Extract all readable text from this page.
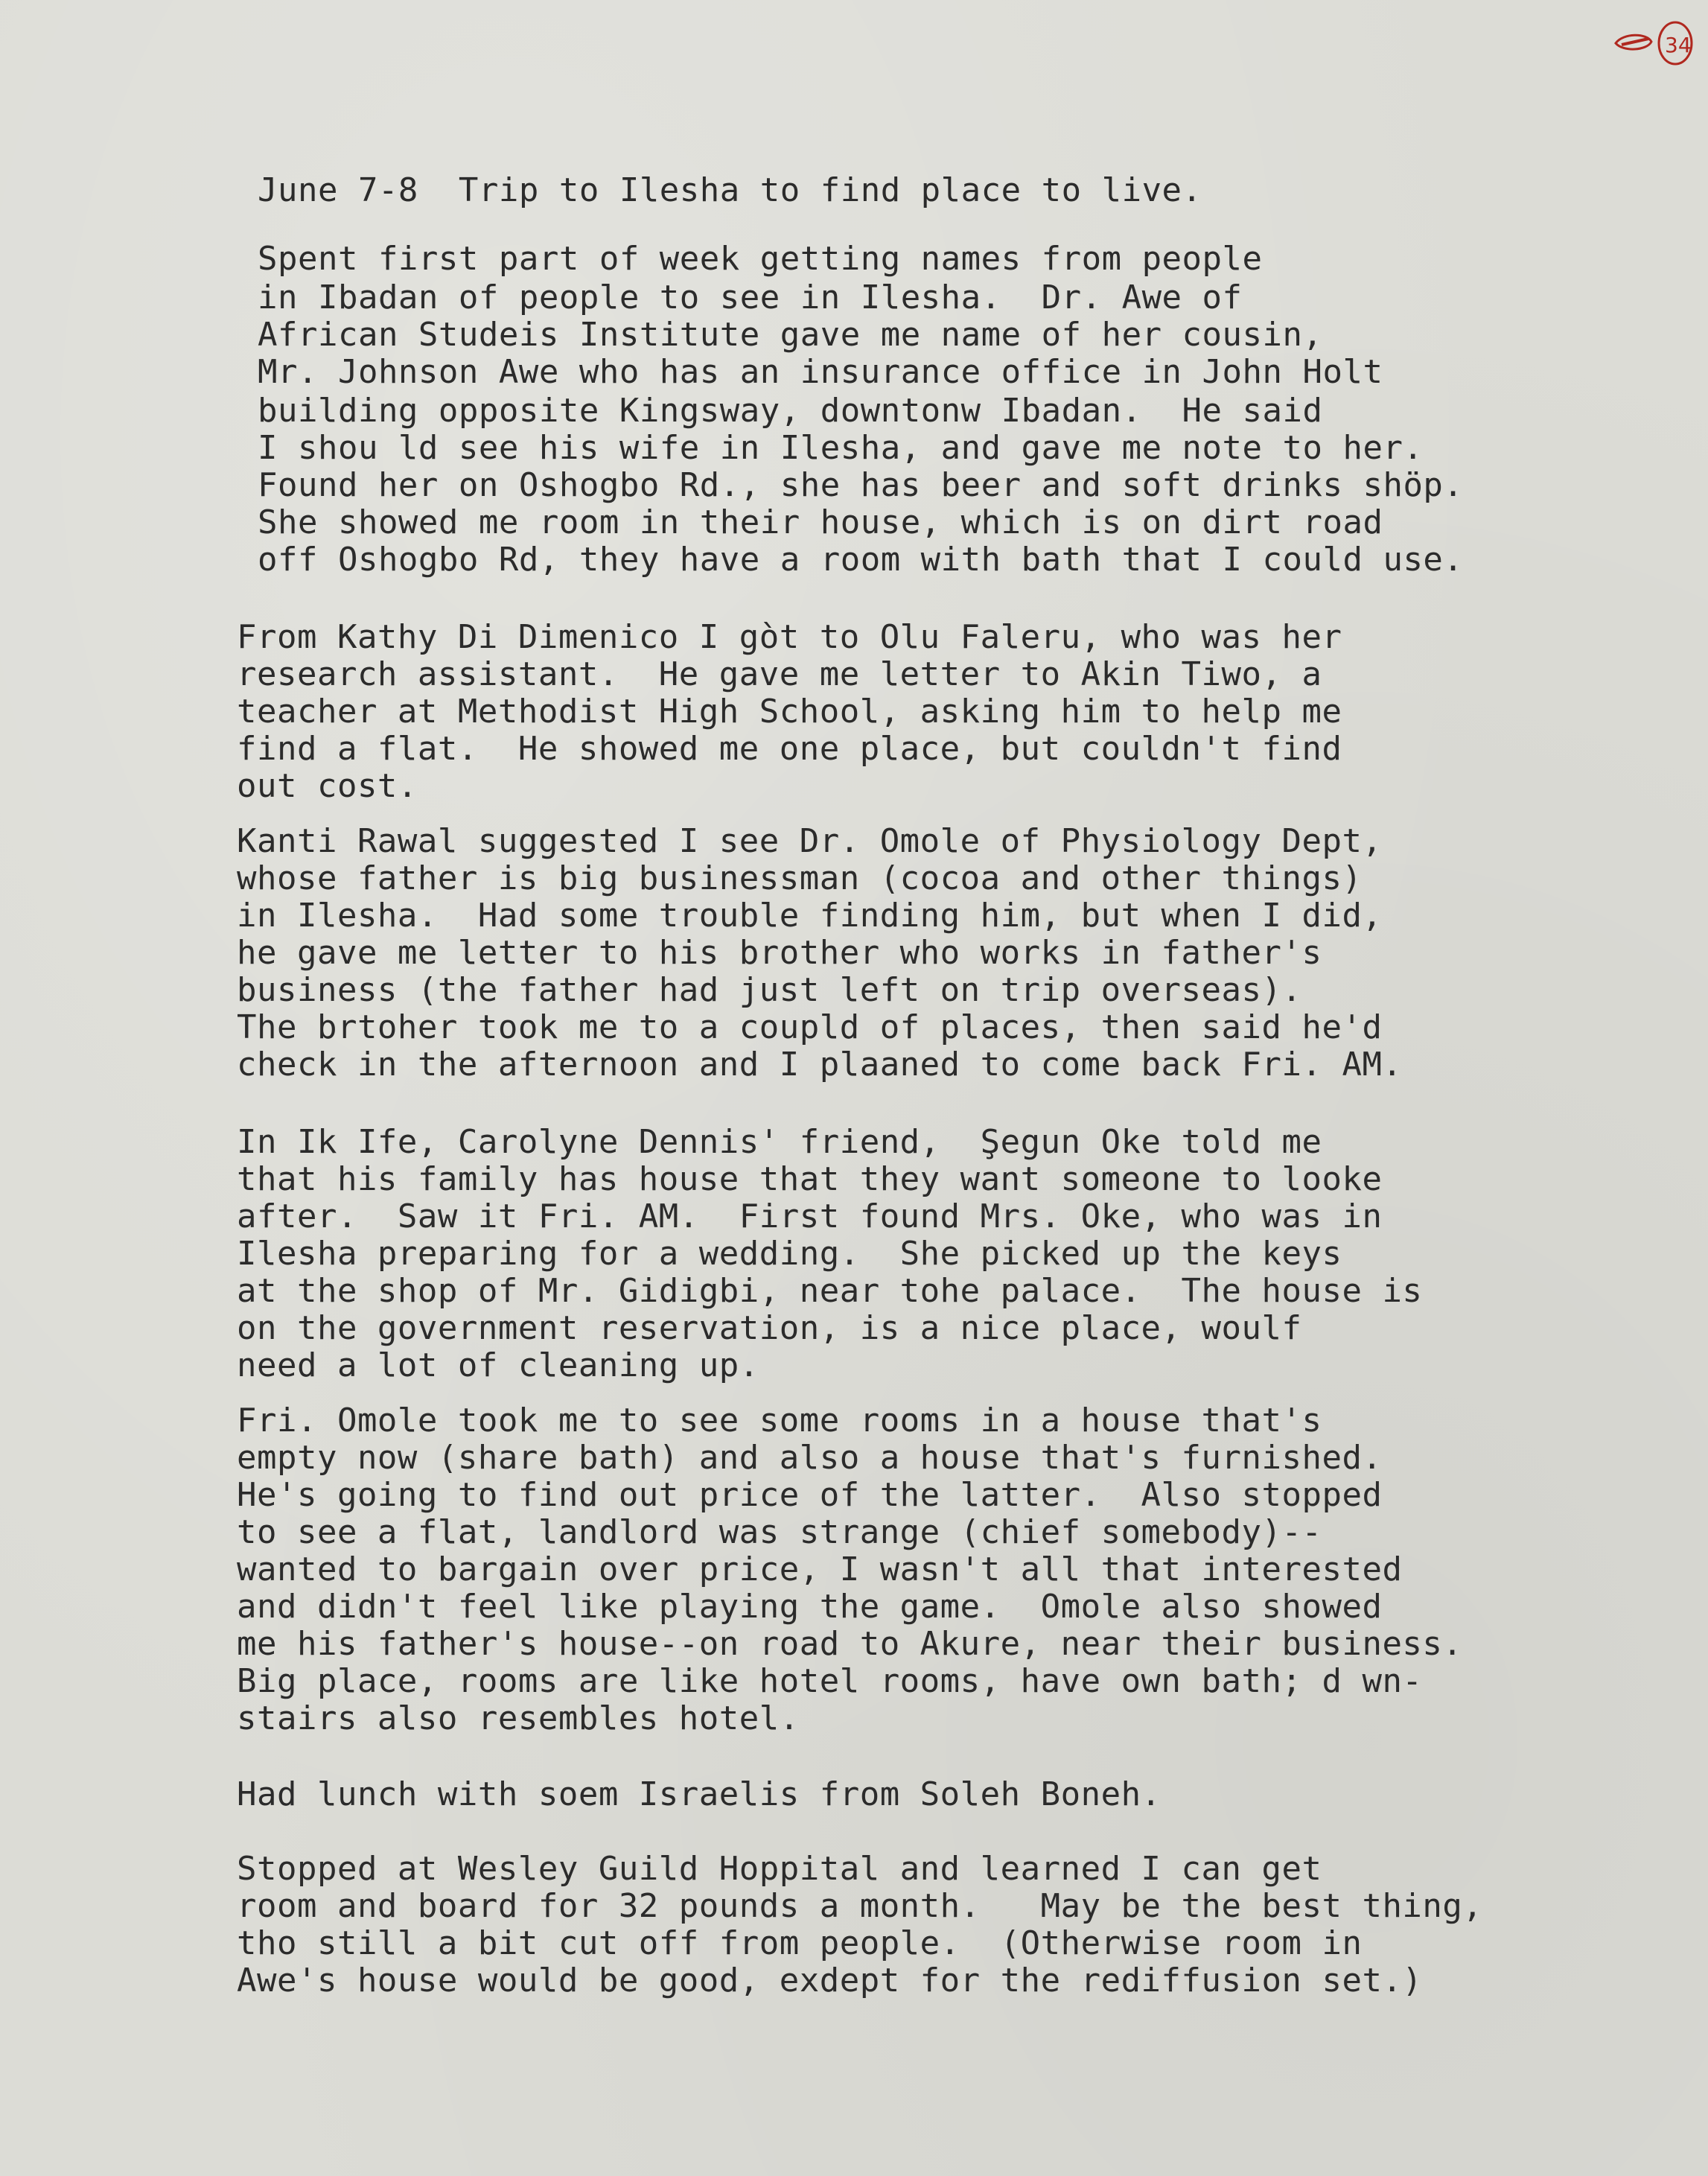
34
June 7-8  Trip to Ilesha to find place to live.
Spent first part of week getting names from people
in Ibadan of people to see in Ilesha.  Dr. Awe of
African Studeis Institute gave me name of her cousin,
Mr. Johnson Awe who has an insurance office in John Holt
building opposite Kingsway, downtonw Ibadan.  He said
I shou ld see his wife in Ilesha, and gave me note to her.
Found her on Oshogbo Rd., she has beer and soft drinks shöp.
She showed me room in their house, which is on dirt road
off Oshogbo Rd, they have a room with bath that I could use.
From Kathy Di Dimenico I gòt to Olu Faleru, who was her
research assistant.  He gave me letter to Akin Tiwo, a
teacher at Methodist High School, asking him to help me
find a flat.  He showed me one place, but couldn't find
out cost.
Kanti Rawal suggested I see Dr. Omole of Physiology Dept,
whose father is big businessman (cocoa and other things)
in Ilesha.  Had some trouble finding him, but when I did,
he gave me letter to his brother who works in father's
business (the father had just left on trip overseas).
The brtoher took me to a coupld of places, then said he'd
check in the afternoon and I plaaned to come back Fri. AM.
In Ik Ife, Carolyne Dennis' friend,  Şegun Oke told me
that his family has house that they want someone to looke
after.  Saw it Fri. AM.  First found Mrs. Oke, who was in
Ilesha preparing for a wedding.  She picked up the keys
at the shop of Mr. Gidigbi, near tohe palace.  The house is
on the government reservation, is a nice place, woulf
need a lot of cleaning up.
Fri. Omole took me to see some rooms in a house that's
empty now (share bath) and also a house that's furnished.
He's going to find out price of the latter.  Also stopped
to see a flat, landlord was strange (chief somebody)--
wanted to bargain over price, I wasn't all that interested
and didn't feel like playing the game.  Omole also showed
me his father's house--on road to Akure, near their business.
Big place, rooms are like hotel rooms, have own bath; d wn-
stairs also resembles hotel.
Had lunch with soem Israelis from Soleh Boneh.
Stopped at Wesley Guild Hoppital and learned I can get
room and board for 32 pounds a month.   May be the best thing,
tho still a bit cut off from people.  (Otherwise room in
Awe's house would be good, exdept for the rediffusion set.)
